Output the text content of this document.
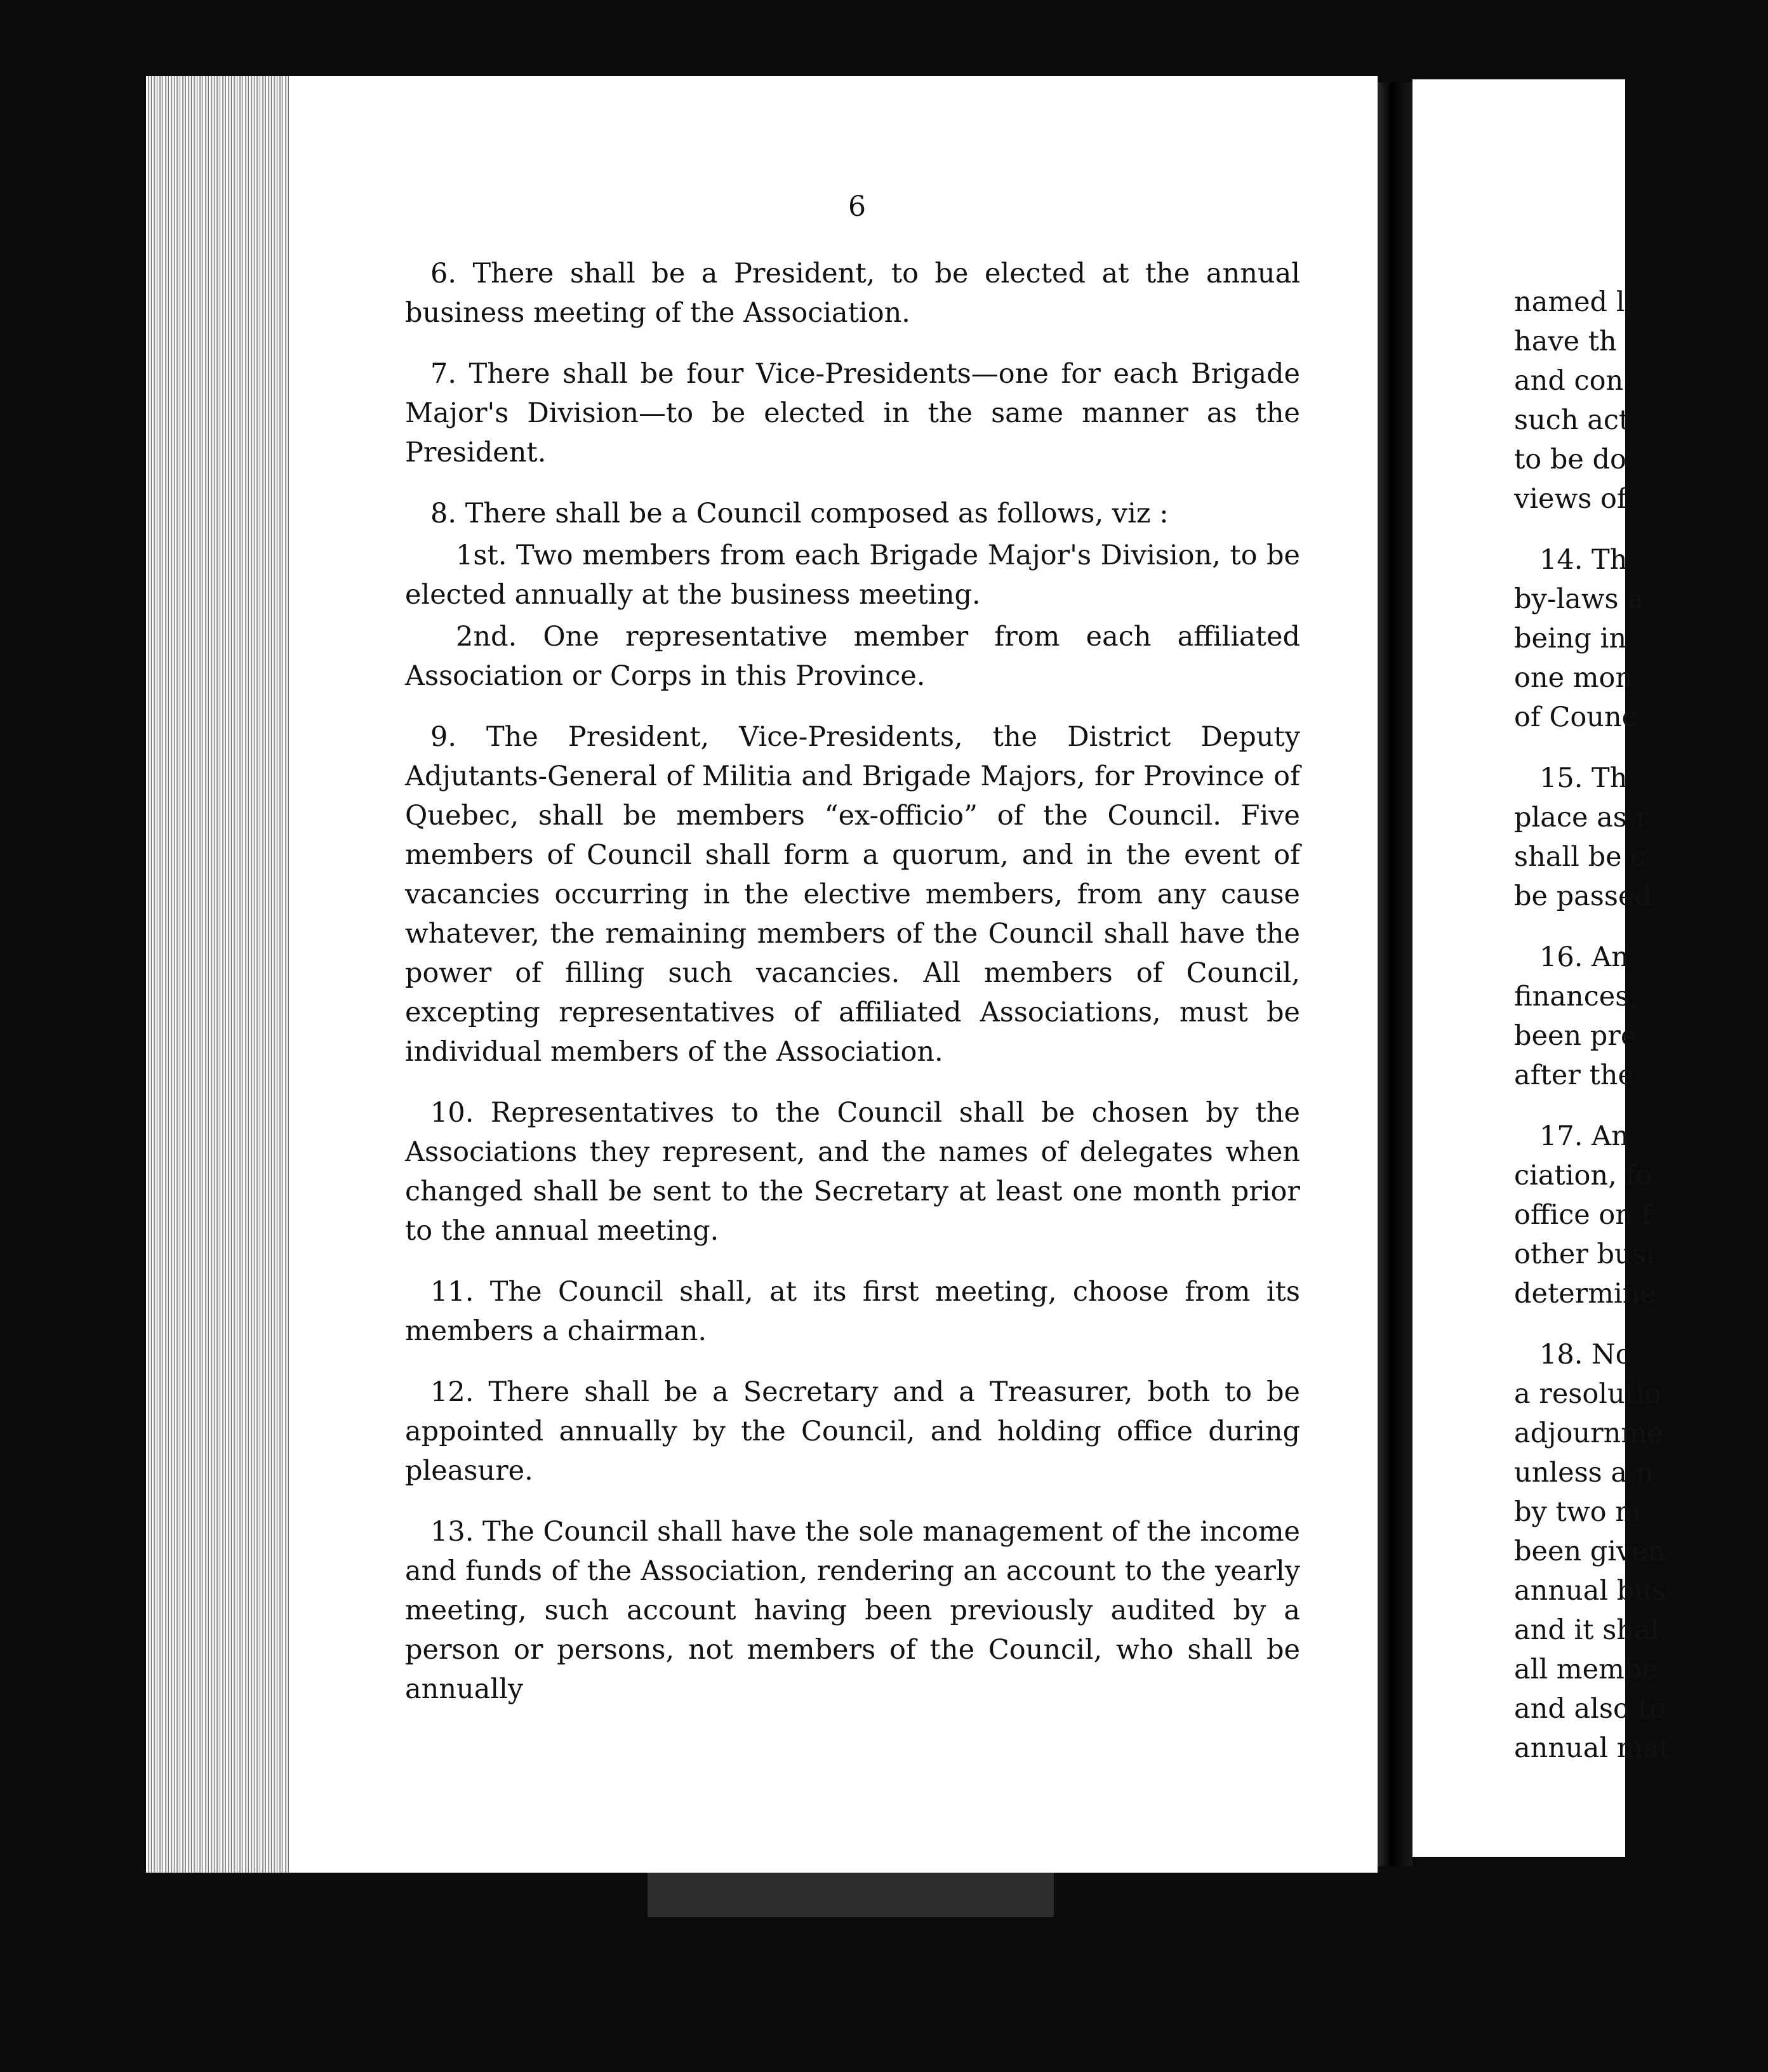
6

6. There shall be a President, to be elected at the annual business meeting of the Association.

7. There shall be four Vice-Presidents—one for each Brigade Major's Division—to be elected in the same manner as the President.

8. There shall be a Council composed as follows, viz :

1st. Two members from each Brigade Major's Division, to be elected annually at the business meeting.

2nd. One representative member from each affiliated Association or Corps in this Province.

9. The President, Vice-Presidents, the District Deputy Adjutants-General of Militia and Brigade Majors, for Province of Quebec, shall be members “ex-officio” of the Council. Five members of Council shall form a quorum, and in the event of vacancies occurring in the elective members, from any cause whatever, the remaining members of the Council shall have the power of filling such vacancies. All members of Council, excepting representatives of affiliated Associations, must be individual members of the Association.

10. Representatives to the Council shall be chosen by the Associations they represent, and the names of delegates when changed shall be sent to the Secretary at least one month prior to the annual meeting.

11. The Council shall, at its first meeting, choose from its members a chairman.

12. There shall be a Secretary and a Treasurer, both to be appointed annually by the Council, and holding office during pleasure.

13. The Council shall have the sole management of the income and funds of the Association, rendering an account to the yearly meeting, such account having been previously audited by a person or persons, not members of the Council, who shall be annually

named l
have th
and con
such act
to be do
views of
14. Th
by-laws a
being in
one mon
of Counc
15. Th
place as r
shall be c
be passed
16. An
finances,
been pre
after the
17. An
ciation, fo
office on f
other busi
determine
18. No
a resolutio
adjournme
unless a n
by two m
been given
annual bus
and it shal
all membe
and also to
annual mat
